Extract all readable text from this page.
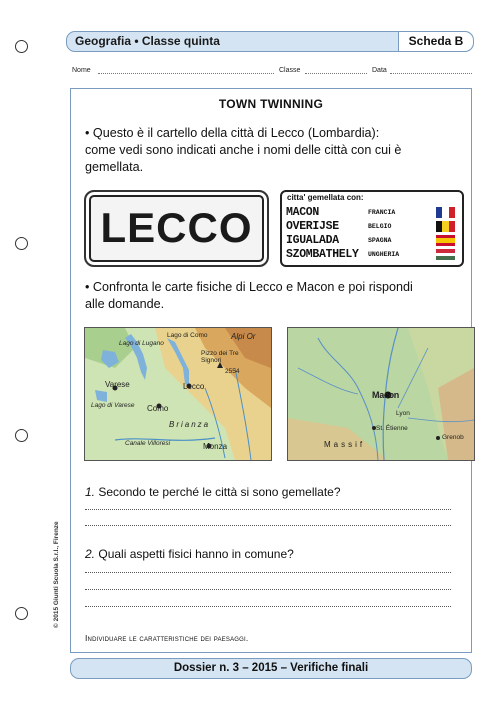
Geografia • Classe quinta	Scheda B
Nome	Classe	Data
TOWN TWINNING
• Questo è il cartello della città di Lecco (Lombardia):
come vedi sono indicati anche i nomi delle città con cui è
gemellata.
LECCO
citta' gemellata con:
MACON	FRANCIA
OVERIJSE	BELGIO
IGUALADA	SPAGNA
SZOMBATHELY UNGHERIA
• Confronta le carte fisiche di Lecco e Macon e poi rispondi
alle domande.
Lago di Como
Lago di Lugano
Pizzo dei Tre Signori
2554
Varese	Lecco
Como
Lago di Varese
Brianza
Canale Villoresi	Monza
Alpi Or
Macon
Lyon
St. Étienne
Grenob
Massif
1. Secondo te perché le città si sono gemellate?
2. Quali aspetti fisici hanno in comune?
Individuare le caratteristiche dei paesaggi.
Dossier n. 3 – 2015 – Verifiche finali
© 2015 Giunti Scuola S.r.l., Firenze
